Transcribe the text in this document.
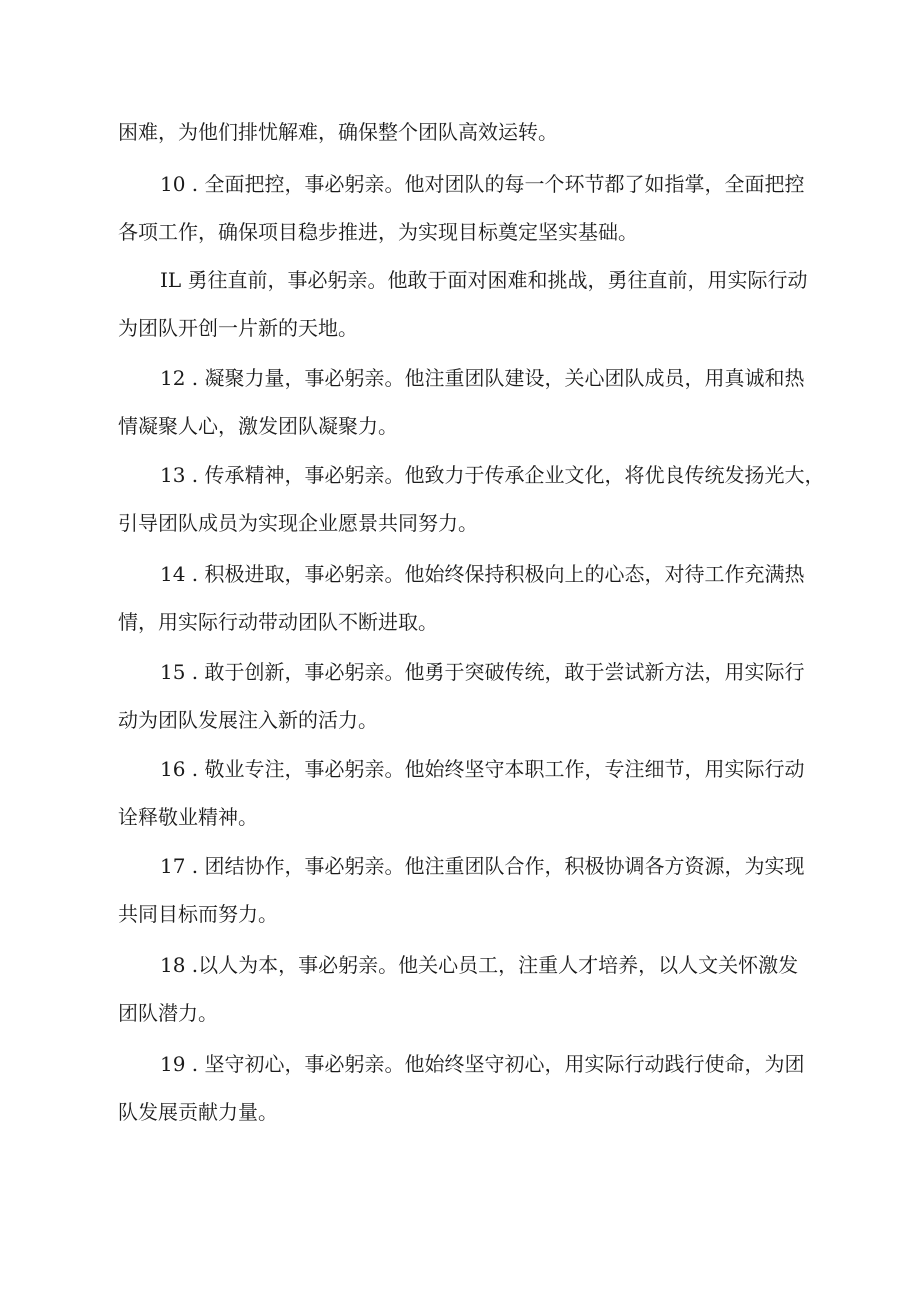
困难，为他们排忧解难，确保整个团队高效运转。
10 . 全面把控，事必躬亲。他对团队的每一个环节都了如指掌，全面把控
各项工作，确保项目稳步推进，为实现目标奠定坚实基础。
IL 勇往直前，事必躬亲。他敢于面对困难和挑战，勇往直前，用实际行动
为团队开创一片新的天地。
12 . 凝聚力量，事必躬亲。他注重团队建设，关心团队成员，用真诚和热
情凝聚人心，激发团队凝聚力。
13 . 传承精神，事必躬亲。他致力于传承企业文化，将优良传统发扬光大，
引导团队成员为实现企业愿景共同努力。
14 . 积极进取，事必躬亲。他始终保持积极向上的心态，对待工作充满热
情，用实际行动带动团队不断进取。
15 . 敢于创新，事必躬亲。他勇于突破传统，敢于尝试新方法，用实际行
动为团队发展注入新的活力。
16 . 敬业专注，事必躬亲。他始终坚守本职工作，专注细节，用实际行动
诠释敬业精神。
17 . 团结协作，事必躬亲。他注重团队合作，积极协调各方资源，为实现
共同目标而努力。
18 .以人为本，事必躬亲。他关心员工，注重人才培养，以人文关怀激发
团队潜力。
19 . 坚守初心，事必躬亲。他始终坚守初心，用实际行动践行使命，为团
队发展贡献力量。
